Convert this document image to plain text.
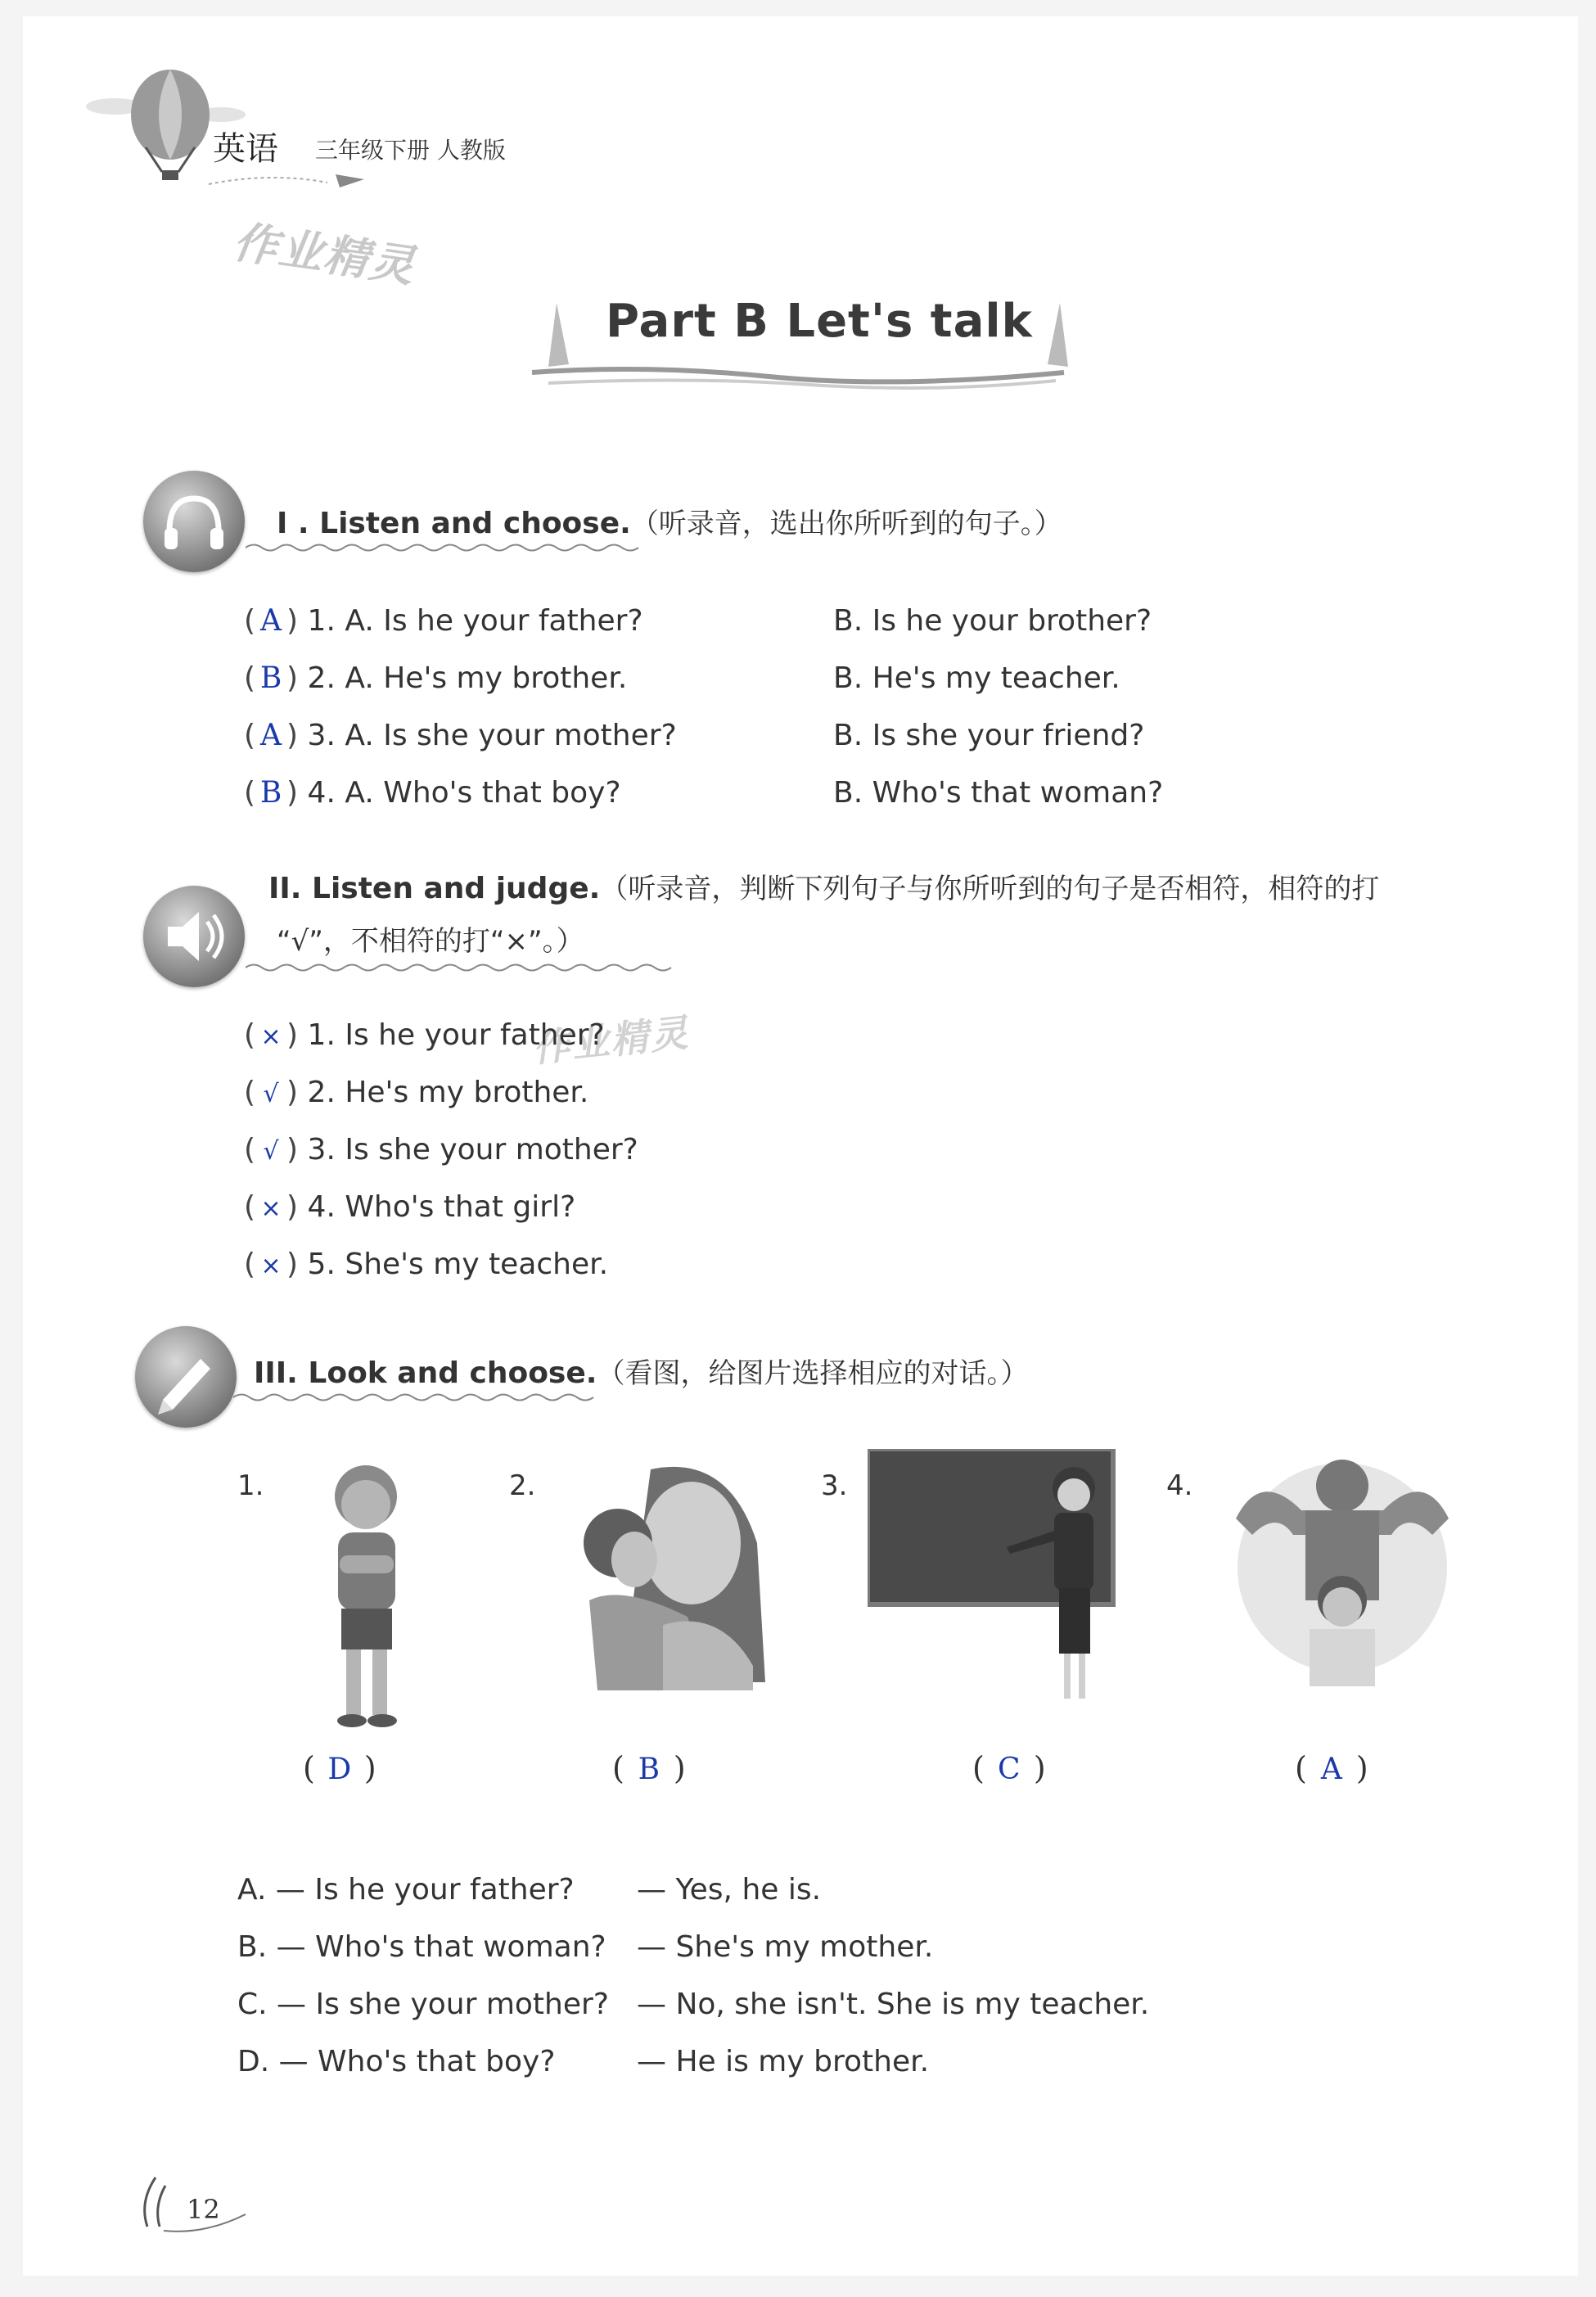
英语 三年级下册 人教版
作业精灵
作业精灵
Part B Let's talk
I . Listen and choose.（听录音，选出你所听到的句子。）
( A ) 1. A. Is he your father?	B. Is he your brother?
( B ) 2. A. He's my brother.	B. He's my teacher.
( A ) 3. A. Is she your mother?	B. Is she your friend?
( B ) 4. A. Who's that boy?	B. Who's that woman?
II. Listen and judge.（听录音，判断下列句子与你所听到的句子是否相符，相符的打
“√”，不相符的打“×”。）
( × ) 1. Is he your father?
( √ ) 2. He's my brother.
( √ ) 3. Is she your mother?
( × ) 4. Who's that girl?
( × ) 5. She's my teacher.
III. Look and choose.（看图，给图片选择相应的对话。）
1.
( D )
2.
( B )
3.
( C )
4.
( A )
A. — Is he your father? — Yes, he is.
B. — Who's that woman? — She's my mother.
C. — Is she your mother? — No, she isn't. She is my teacher.
D. — Who's that boy?	— He is my brother.
12
